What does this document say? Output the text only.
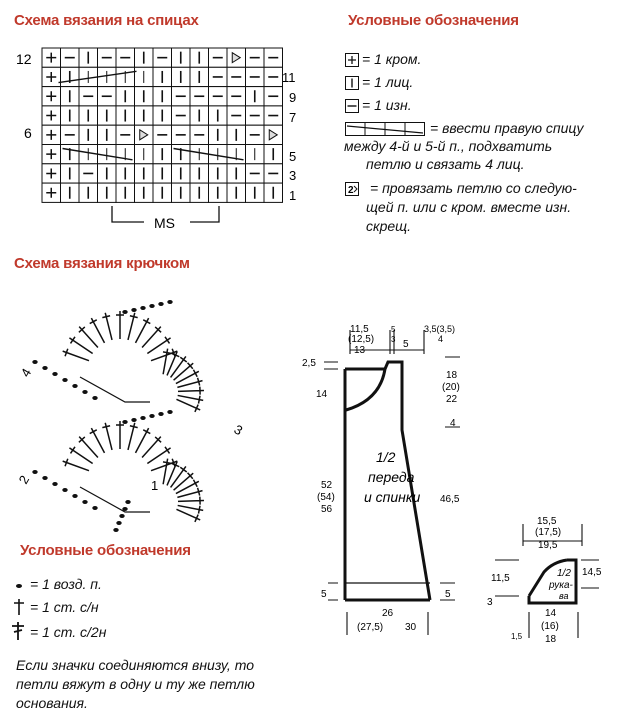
Схема вязания на спицах
12
6
11
9
7
5
3
1
MS
Условные обозначения
= 1 кром.
= 1 лиц.
= 1 изн.
= ввести правую спицу
между 4-й и 5-й п., подхватить
петлю и связать 4 лиц.
2 = провязать петлю со следую-
щей п. или с кром. вместе изн.
скрещ.
Схема вязания крючком
4
3
2	1
Условные обозначения
= 1 возд. п.
= 1 ст. с/н
= 1 ст. с/2н
Если значки соединяются внизу, то
петли вяжут в одну и ту же петлю
основания.
11,5
(12,5)
13
5
3 5
3,5(3,5)
4
2,5
14
52
(54)
56
5
18
(20)
22
4
46,5
5
26
(27,5) 30
1/2
переда
и спинки
15,5
(17,5)
19,5
11,5
3
14,5
14
(16)
18
1,5
1/2
рука-
ва
